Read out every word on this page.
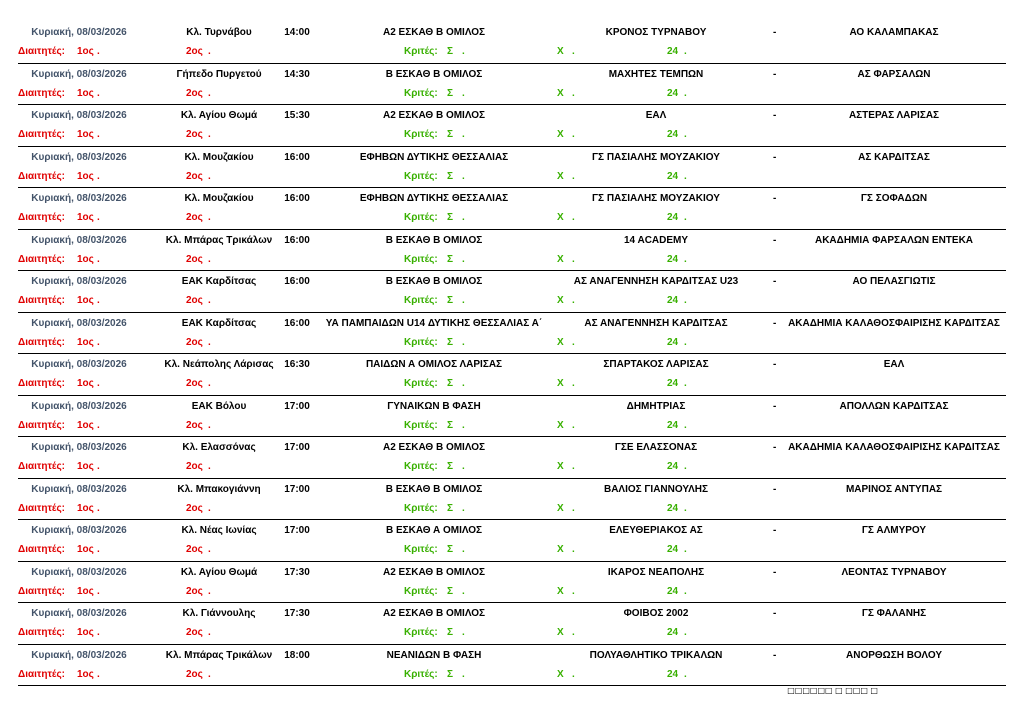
Κυριακή, 08/03/2026	Κλ. Τυρνάβου	14:00	Α2 ΕΣΚΑΘ Β ΟΜΙΛΟΣ	ΚΡΟΝΟΣ ΤΥΡΝΑΒΟΥ	-	ΑΟ ΚΑΛΑΜΠΑΚΑΣ
Διαιτητές: 1ος .	2ος .	Κριτές: Σ .	Χ .	24 .
Κυριακή, 08/03/2026	Γήπεδο Πυργετού 14:30	Β ΕΣΚΑΘ Β ΟΜΙΛΟΣ	ΜΑΧΗΤΕΣ ΤΕΜΠΩΝ	-	ΑΣ ΦΑΡΣΑΛΩΝ
Διαιτητές: 1ος .	2ος .	Κριτές: Σ .	Χ .	24 .
Κυριακή, 08/03/2026	Κλ. Αγίου Θωμά	15:30	Α2 ΕΣΚΑΘ Β ΟΜΙΛΟΣ	ΕΑΛ	-	ΑΣΤΕΡΑΣ ΛΑΡΙΣΑΣ
Διαιτητές: 1ος .	2ος .	Κριτές: Σ .	Χ .	24 .
Κυριακή, 08/03/2026	Κλ. Μουζακίου	16:00	ΕΦΗΒΩΝ ΔΥΤΙΚΗΣ ΘΕΣΣΑΛΙΑΣ	ΓΣ ΠΑΣΙΑΛΗΣ ΜΟΥΖΑΚΙΟΥ	-	ΑΣ ΚΑΡΔΙΤΣΑΣ
Διαιτητές: 1ος .	2ος .	Κριτές: Σ .	Χ .	24 .
Κυριακή, 08/03/2026	Κλ. Μουζακίου	16:00	ΕΦΗΒΩΝ ΔΥΤΙΚΗΣ ΘΕΣΣΑΛΙΑΣ	ΓΣ ΠΑΣΙΑΛΗΣ ΜΟΥΖΑΚΙΟΥ	-	ΓΣ ΣΟΦΑΔΩΝ
Διαιτητές: 1ος .	2ος .	Κριτές: Σ .	Χ .	24 .
Κυριακή, 08/03/2026	Κλ. Μπάρας Τρικάλων 16:00	Β ΕΣΚΑΘ Β ΟΜΙΛΟΣ	14 ACADEMY	-	ΑΚΑΔΗΜΙΑ ΦΑΡΣΑΛΩΝ ΕΝΤΕΚΑ
Διαιτητές: 1ος .	2ος .	Κριτές: Σ .	Χ .	24 .
Κυριακή, 08/03/2026	ΕΑΚ Καρδίτσας	16:00	Β ΕΣΚΑΘ Β ΟΜΙΛΟΣ	ΑΣ ΑΝΑΓΕΝΝΗΣΗ ΚΑΡΔΙΤΣΑΣ U23	-	ΑΟ ΠΕΛΑΣΓΙΩΤΙΣ
Διαιτητές: 1ος .	2ος .	Κριτές: Σ .	Χ .	24 .
Κυριακή, 08/03/2026	ΕΑΚ Καρδίτσας	16:00 ΥΑ ΠΑΜΠΑΙΔΩΝ U14 ΔΥΤΙΚΗΣ ΘΕΣΣΑΛΙΑΣ Α΄	ΑΣ ΑΝΑΓΕΝΝΗΣΗ ΚΑΡΔΙΤΣΑΣ	- ΑΚΑΔΗΜΙΑ ΚΑΛΑΘΟΣΦΑΙΡΙΣΗΣ ΚΑΡΔΙΤΣΑΣ
Διαιτητές: 1ος .	2ος .	Κριτές: Σ .	Χ .	24 .
Κυριακή, 08/03/2026	Κλ. Νεάπολης Λάρισας 16:30	ΠΑΙΔΩΝ Α ΟΜΙΛΟΣ ΛΑΡΙΣΑΣ	ΣΠΑΡΤΑΚΟΣ ΛΑΡΙΣΑΣ	-	ΕΑΛ
Διαιτητές: 1ος .	2ος .	Κριτές: Σ .	Χ .	24 .
Κυριακή, 08/03/2026	ΕΑΚ Βόλου	17:00	ΓΥΝΑΙΚΩΝ Β ΦΑΣΗ	ΔΗΜΗΤΡΙΑΣ	-	ΑΠΟΛΛΩΝ ΚΑΡΔΙΤΣΑΣ
Διαιτητές: 1ος .	2ος .	Κριτές: Σ .	Χ .	24 .
Κυριακή, 08/03/2026	Κλ. Ελασσόνας	17:00	Α2 ΕΣΚΑΘ Β ΟΜΙΛΟΣ	ΓΣΕ ΕΛΑΣΣΟΝΑΣ	- ΑΚΑΔΗΜΙΑ ΚΑΛΑΘΟΣΦΑΙΡΙΣΗΣ ΚΑΡΔΙΤΣΑΣ
Διαιτητές: 1ος .	2ος .	Κριτές: Σ .	Χ .	24 .
Κυριακή, 08/03/2026	Κλ. Μπακογιάννη 17:00	Β ΕΣΚΑΘ Β ΟΜΙΛΟΣ	ΒΑΛΙΟΣ ΓΙΑΝΝΟΥΛΗΣ	-	ΜΑΡΙΝΟΣ ΑΝΤΥΠΑΣ
Διαιτητές: 1ος .	2ος .	Κριτές: Σ .	Χ .	24 .
Κυριακή, 08/03/2026	Κλ. Νέας Ιωνίας	17:00	Β ΕΣΚΑΘ Α ΟΜΙΛΟΣ	ΕΛΕΥΘΕΡΙΑΚΟΣ ΑΣ	-	ΓΣ ΑΛΜΥΡΟΥ
Διαιτητές: 1ος .	2ος .	Κριτές: Σ .	Χ .	24 .
Κυριακή, 08/03/2026	Κλ. Αγίου Θωμά	17:30	Α2 ΕΣΚΑΘ Β ΟΜΙΛΟΣ	ΙΚΑΡΟΣ ΝΕΑΠΟΛΗΣ	-	ΛΕΟΝΤΑΣ ΤΥΡΝΑΒΟΥ
Διαιτητές: 1ος .	2ος .	Κριτές: Σ .	Χ .	24 .
Κυριακή, 08/03/2026	Κλ. Γιάννουλης	17:30	Α2 ΕΣΚΑΘ Β ΟΜΙΛΟΣ	ΦΟΙΒΟΣ 2002	-	ΓΣ ΦΑΛΑΝΗΣ
Διαιτητές: 1ος .	2ος .	Κριτές: Σ .	Χ .	24 .
Κυριακή, 08/03/2026	Κλ. Μπάρας Τρικάλων 18:00	ΝΕΑΝΙΔΩΝ Β ΦΑΣΗ	ΠΟΛΥΑΘΛΗΤΙΚΟ ΤΡΙΚΑΛΩΝ	-	ΑΝΟΡΘΩΣΗ ΒΟΛΟΥ
Διαιτητές: 1ος .	2ος .	Κριτές: Σ .	Χ .	24 .
□□□□□□ □ □□□ □
